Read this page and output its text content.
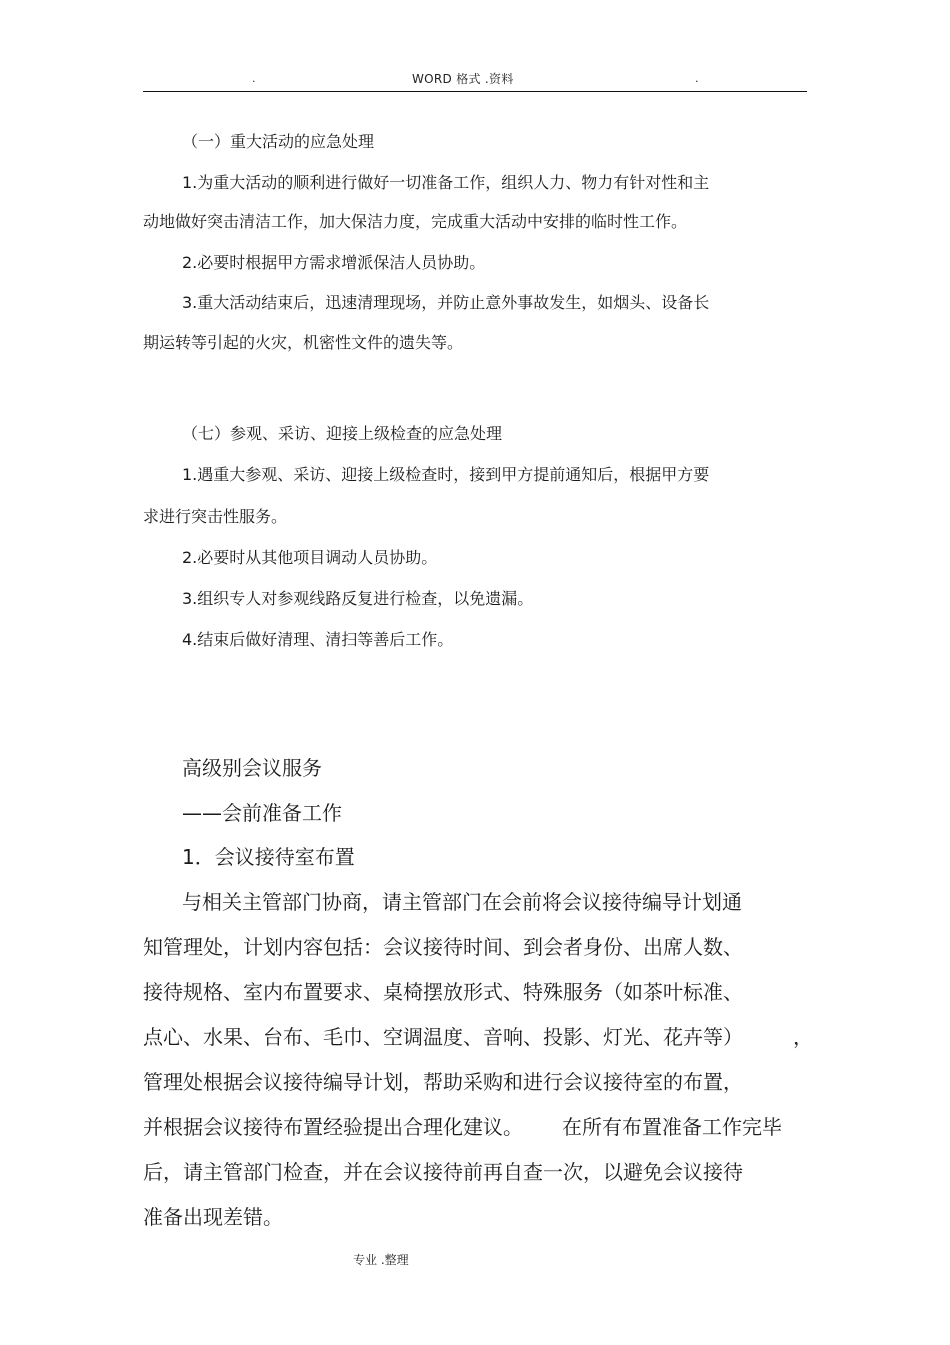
.	WORD 格式 .资料	.
（一）重大活动的应急处理
1.为重大活动的顺利进行做好一切准备工作，组织人力、物力有针对性和主
动地做好突击清洁工作，加大保洁力度，完成重大活动中安排的临时性工作。
2.必要时根据甲方需求增派保洁人员协助。
3.重大活动结束后，迅速清理现场，并防止意外事故发生，如烟头、设备长
期运转等引起的火灾，机密性文件的遗失等。
（七）参观、采访、迎接上级检查的应急处理
1.遇重大参观、采访、迎接上级检查时，接到甲方提前通知后，根据甲方要
求进行突击性服务。
2.必要时从其他项目调动人员协助。
3.组织专人对参观线路反复进行检查，以免遗漏。
4.结束后做好清理、清扫等善后工作。
高级别会议服务
——会前准备工作
1．会议接待室布置
与相关主管部门协商，请主管部门在会前将会议接待编导计划通
知管理处，计划内容包括：会议接待时间、到会者身份、出席人数、
接待规格、室内布置要求、桌椅摆放形式、特殊服务（如茶叶标准、
点心、水果、台布、毛巾、空调温度、音响、投影、灯光、花卉等）	，
管理处根据会议接待编导计划，帮助采购和进行会议接待室的布置，
并根据会议接待布置经验提出合理化建议。 在所有布置准备工作完毕
后，请主管部门检查，并在会议接待前再自查一次，以避免会议接待
准备出现差错。
专业 .整理
